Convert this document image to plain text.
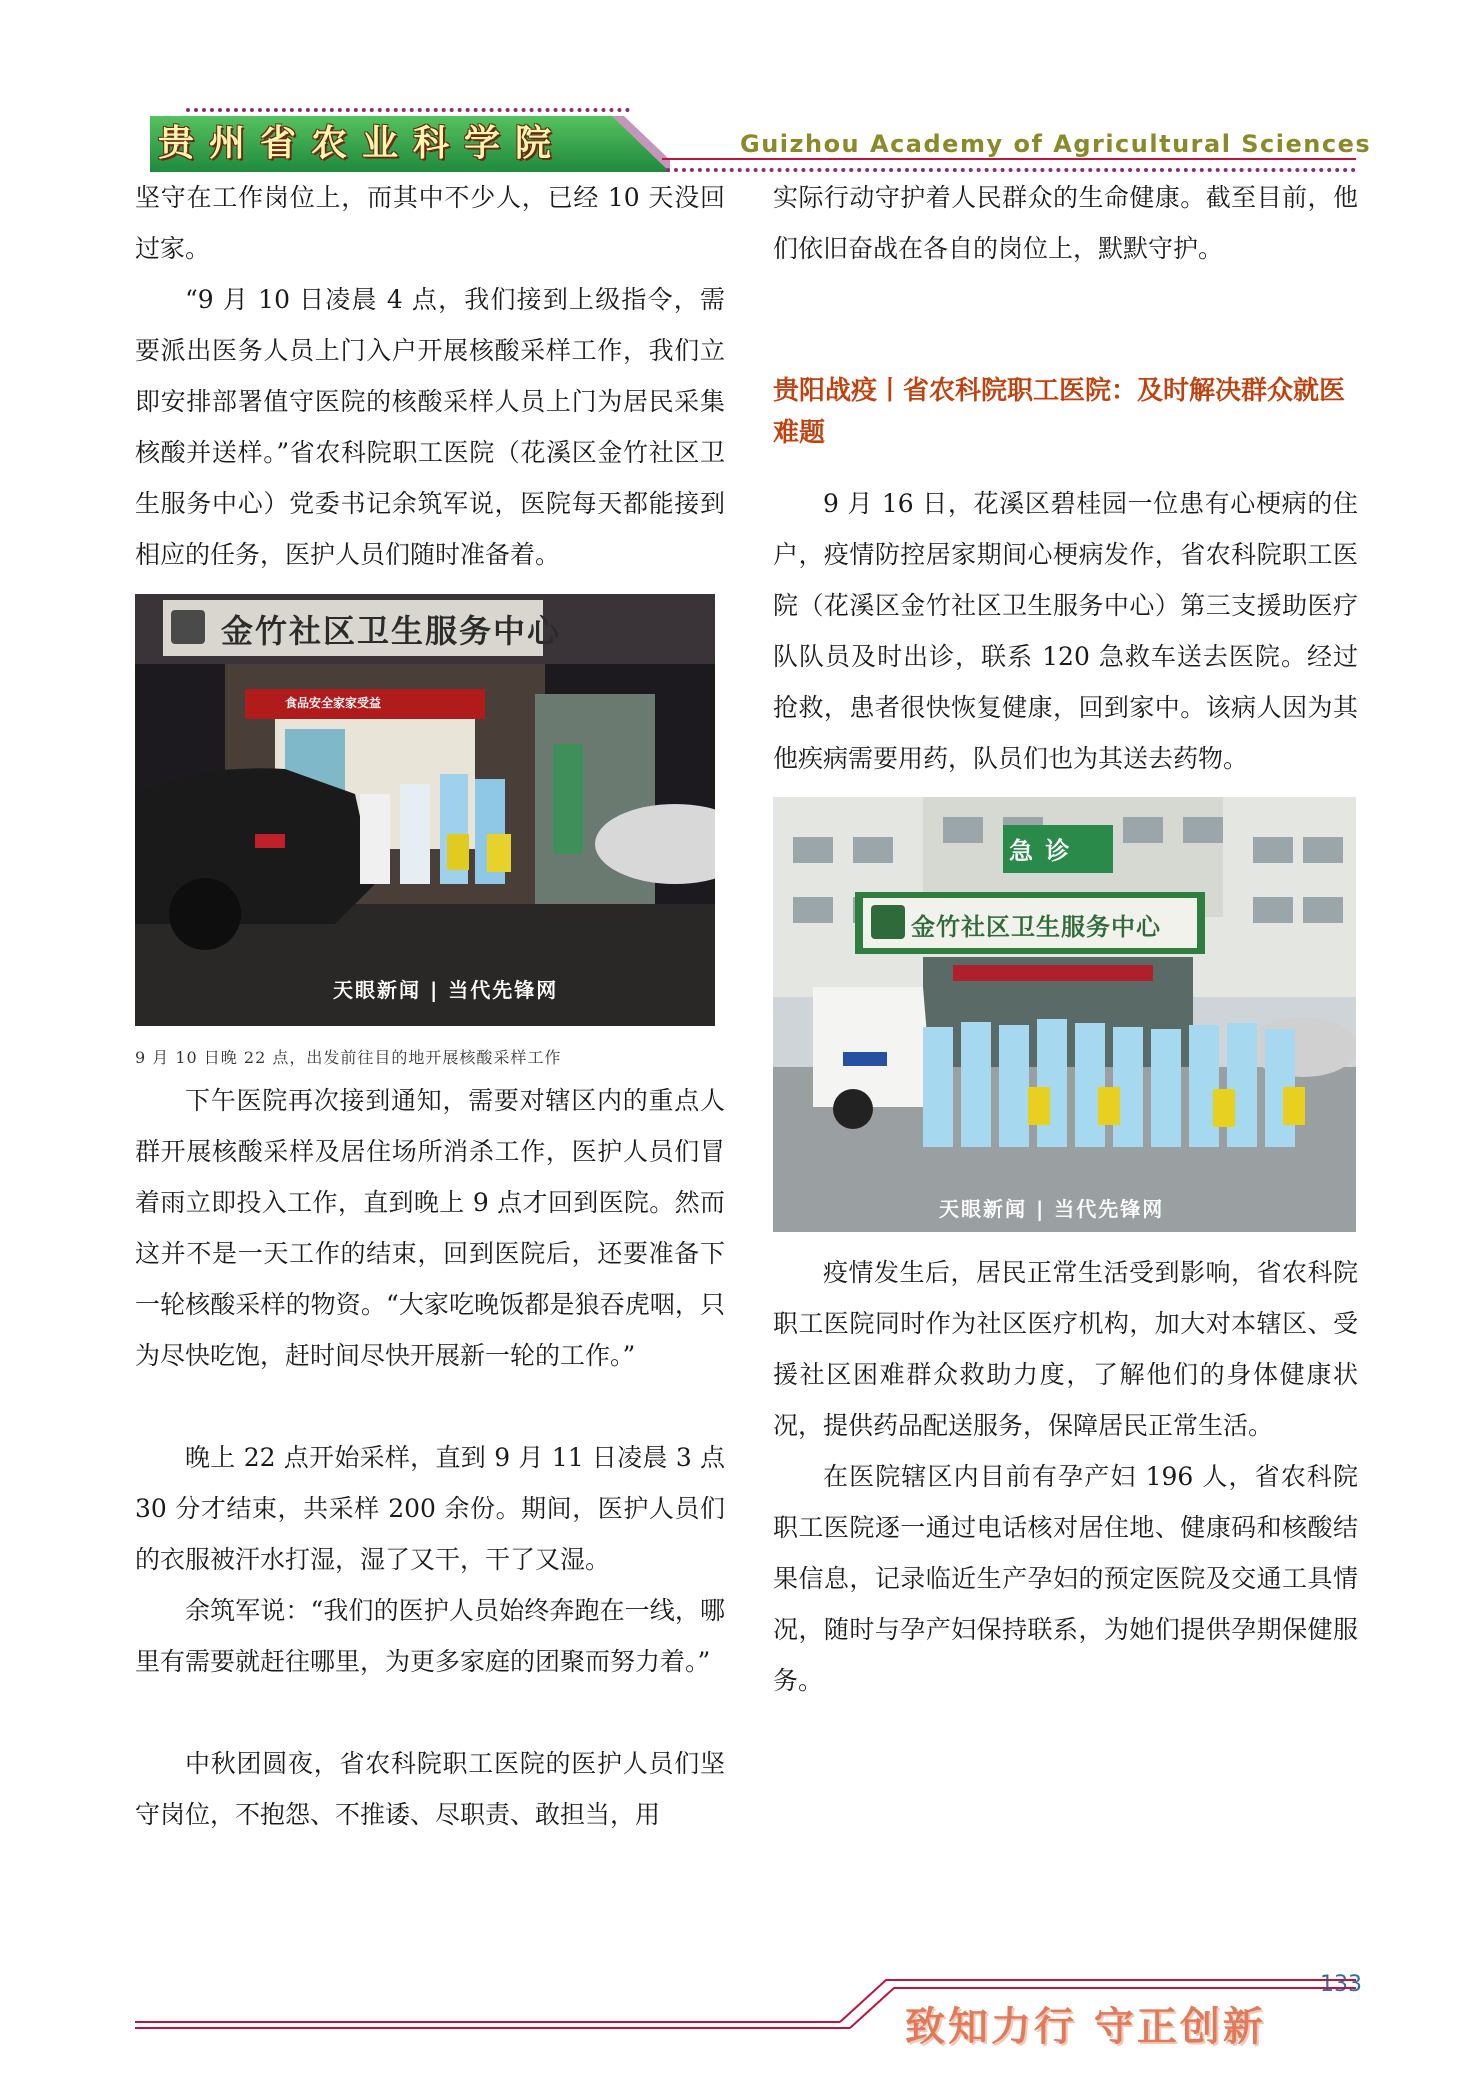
贵州省农业科学院	Guizhou Academy of Agricultural Sciences

坚守在工作岗位上，而其中不少人，已经 10 天没回过家。

“9 月 10 日凌晨 4 点，我们接到上级指令，需要派出医务人员上门入户开展核酸采样工作，我们立即安排部署值守医院的核酸采样人员上门为居民采集核酸并送样。”省农科院职工医院（花溪区金竹社区卫生服务中心）党委书记余筑军说，医院每天都能接到相应的任务，医护人员们随时准备着。

金竹社区卫生服务中心
食品安全家家受益
天眼新闻 | 当代先锋网

9 月 10 日晚 22 点，出发前往目的地开展核酸采样工作

下午医院再次接到通知，需要对辖区内的重点人群开展核酸采样及居住场所消杀工作，医护人员们冒着雨立即投入工作，直到晚上 9 点才回到医院。然而这并不是一天工作的结束，回到医院后，还要准备下一轮核酸采样的物资。“大家吃晚饭都是狼吞虎咽，只为尽快吃饱，赶时间尽快开展新一轮的工作。”

晚上 22 点开始采样，直到 9 月 11 日凌晨 3 点 30 分才结束，共采样 200 余份。期间，医护人员们的衣服被汗水打湿，湿了又干，干了又湿。

余筑军说：“我们的医护人员始终奔跑在一线，哪里有需要就赶往哪里，为更多家庭的团聚而努力着。”

中秋团圆夜，省农科院职工医院的医护人员们坚守岗位，不抱怨、不推诿、尽职责、敢担当，用

实际行动守护着人民群众的生命健康。截至目前，他们依旧奋战在各自的岗位上，默默守护。

贵阳战疫丨省农科院职工医院：及时解决群众就医难题

9 月 16 日，花溪区碧桂园一位患有心梗病的住户，疫情防控居家期间心梗病发作，省农科院职工医院（花溪区金竹社区卫生服务中心）第三支援助医疗队队员及时出诊，联系 120 急救车送去医院。经过抢救，患者很快恢复健康，回到家中。该病人因为其他疾病需要用药，队员们也为其送去药物。

急 诊
金竹社区卫生服务中心
天眼新闻 | 当代先锋网

疫情发生后，居民正常生活受到影响，省农科院职工医院同时作为社区医疗机构，加大对本辖区、受援社区困难群众救助力度，了解他们的身体健康状况，提供药品配送服务，保障居民正常生活。

在医院辖区内目前有孕产妇 196 人，省农科院职工医院逐一通过电话核对居住地、健康码和核酸结果信息，记录临近生产孕妇的预定医院及交通工具情况，随时与孕产妇保持联系，为她们提供孕期保健服务。

133
致知力行 守正创新
